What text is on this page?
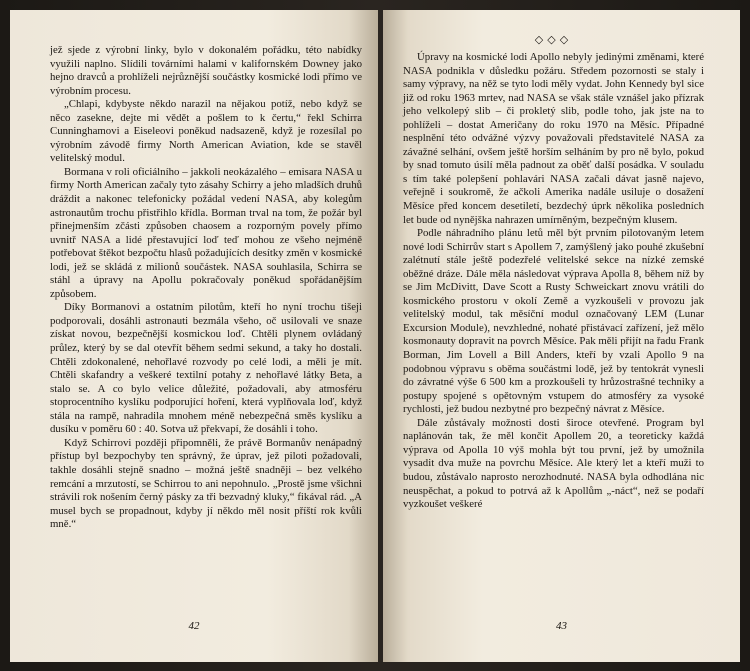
jež sjede z výrobní linky, bylo v dokonalém pořádku, této nabídky využili naplno. Slídili továrními halami v kalifornském Downey jako hejno dravců a prohlíželi nejrůznější součástky kosmické lodi přímo ve výrobním procesu.

„Chlapi, kdybyste někdo narazil na nějakou potíž, nebo když se něco zasekne, dejte mi vědět a pošlem to k čertu,“ řekl Schirra Cunninghamovi a Eiseleovi poněkud nadsazeně, když je rozesílal po výrobním závodě firmy North American Aviation, kde se stavěl velitelský modul.

Bormana v roli oficiálního – jakkoli neokázalého – emisara NASA u firmy North American začaly tyto zásahy Schirry a jeho mladších druhů dráždit a nakonec telefonicky požádal vedení NASA, aby kolegům astronautům trochu přistřihlo křídla. Borman trval na tom, že požár byl přinejmenším zčásti způsoben chaosem a rozporným povely přímo uvnitř NASA a lidé přestavující loď teď mohou ze všeho nejméně potřebovat štěkot bezpočtu hlasů požadujících desítky změn v kosmické lodi, jež se skládá z milionů součástek. NASA souhlasila, Schirra se stáhl a úpravy na Apollu pokračovaly poněkud spořádanějším způsobem.

Díky Bormanovi a ostatním pilotům, kteří ho nyní trochu tišeji podporovali, dosáhli astronauti bezmála všeho, oč usilovali ve snaze získat novou, bezpečnější kosmickou loď. Chtěli plynem ovládaný průlez, který by se dal otevřít během sedmi sekund, a taky ho dostali. Chtěli zdokonalené, nehořlavé rozvody po celé lodi, a měli je mít. Chtěli skafandry a veškeré textilní potahy z nehořlavé látky Beta, a stalo se. A co bylo velice důležité, požadovali, aby atmosféru stoprocentního kyslíku podporující hoření, která vyplňovala loď, když stála na rampě, nahradila mnohem méně nebezpečná směs kyslíku a dusíku v poměru 60 : 40. Sotva už překvapí, že dosáhli i toho.

Když Schirrovi později připomněli, že právě Bormanův nenápadný přístup byl bezpochyby ten správný, že úprav, jež piloti požadovali, takhle dosáhli stejně snadno – možná ještě snadněji – bez velkého remcání a mrzutostí, se Schirrou to ani nepohnulo. „Prostě jsme všichni strávili rok nošením černý pásky za tři bezvadný kluky,“ fikával rád. „A musel bych se propadnout, kdyby jí někdo měl nosit příští rok kvůli mně.“

42
◇◇◇

Úpravy na kosmické lodi Apollo nebyly jedinými změnami, které NASA podnikla v důsledku požáru. Středem pozornosti se staly i samy výpravy, na něž se tyto lodi měly vydat. John Kennedy byl sice již od roku 1963 mrtev, nad NASA se však stále vznášel jako přízrak jeho velkolepý slib – či prokletý slib, podle toho, jak jste na to pohlíželi – dostat Američany do roku 1970 na Měsíc. Případné nesplnění této odvážné výzvy považovali představitelé NASA za závažné selhání, ovšem ještě horším selháním by pro ně bylo, pokud by snad tomuto úsilí měla padnout za oběť další posádka. V souladu s tím také polepšení pohlavári NASA začali dávat jasně najevo, veřejně i soukromě, že ačkoli Amerika nadále usiluje o dosažení Měsíce před koncem desetiletí, bezdechý úprk několika posledních let bude od nynějška nahrazen umírněným, bezpečným klusem.

Podle náhradního plánu letů měl být prvním pilotovaným letem nové lodi Schirrův start s Apollem 7, zamýšlený jako pouhé zkušební zalétnutí stále ještě podezřelé velitelské sekce na nízké zemské oběžné dráze. Dále měla následovat výprava Apolla 8, během níž by se Jim McDivitt, Dave Scott a Rusty Schweickart znovu vrátili do kosmického prostoru v okolí Země a vyzkoušeli v provozu jak velitelský modul, tak měsíční modul označovaný LEM (Lunar Excursion Module), nevzhledné, nohaté přistávací zařízení, jež mělo kosmonauty dopravit na povrch Měsíce. Pak měli přijít na řadu Frank Borman, Jim Lovell a Bill Anders, kteří by vzali Apollo 9 na podobnou výpravu s oběma součástmi lodě, jež by tentokrát vynesli do závratné výše 6 500 km a prozkoušeli ty hrůzostrašné techniky a postupy spojené s opětovným vstupem do atmosféry za vysoké rychlosti, jež budou nezbytné pro bezpečný návrat z Měsíce.

Dále zůstávaly možnosti dosti široce otevřené. Program byl naplánován tak, že měl končit Apollem 20, a teoreticky každá výprava od Apolla 10 výš mohla být tou první, jež by umožnila vysadit dva muže na povrchu Měsíce. Ale který let a kteří muži to budou, zůstávalo naprosto nerozhodnuté. NASA byla odhodlána nic neuspěchat, a pokud to potrvá až k Apollům „-náct“, než se podaří vyzkoušet veškeré

43
